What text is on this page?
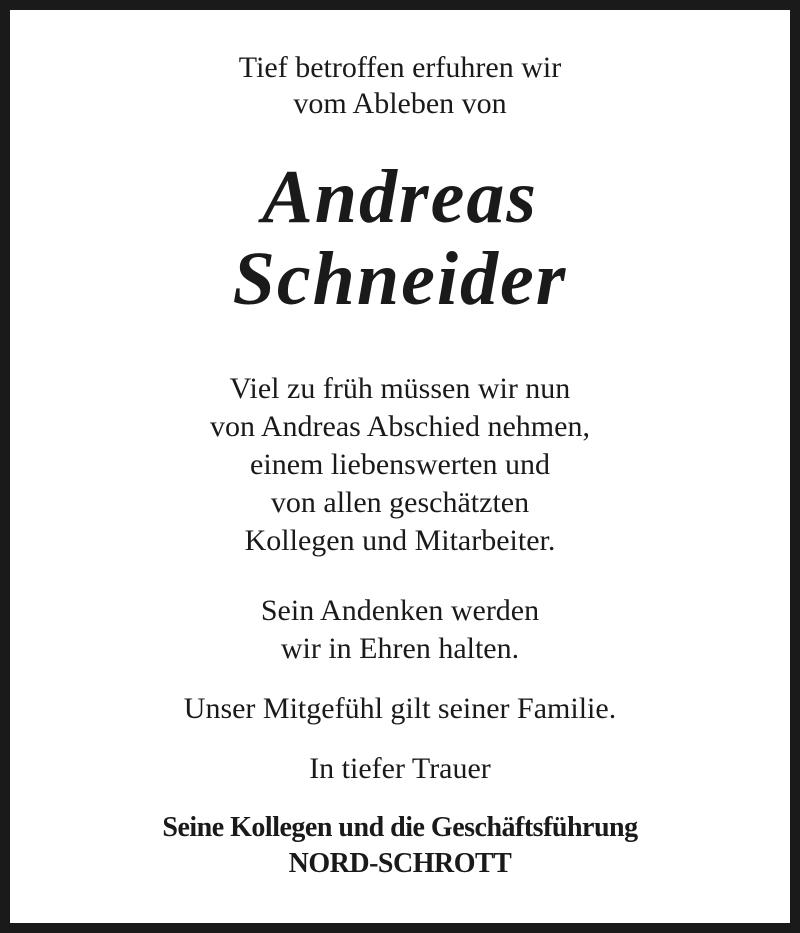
Tief betroffen erfuhren wir
vom Ableben von
Andreas
Schneider
Viel zu früh müssen wir nun
von Andreas Abschied nehmen,
einem liebenswerten und
von allen geschätzten
Kollegen und Mitarbeiter.
Sein Andenken werden
wir in Ehren halten.
Unser Mitgefühl gilt seiner Familie.
In tiefer Trauer
Seine Kollegen und die Geschäftsführung
NORD-SCHROTT
